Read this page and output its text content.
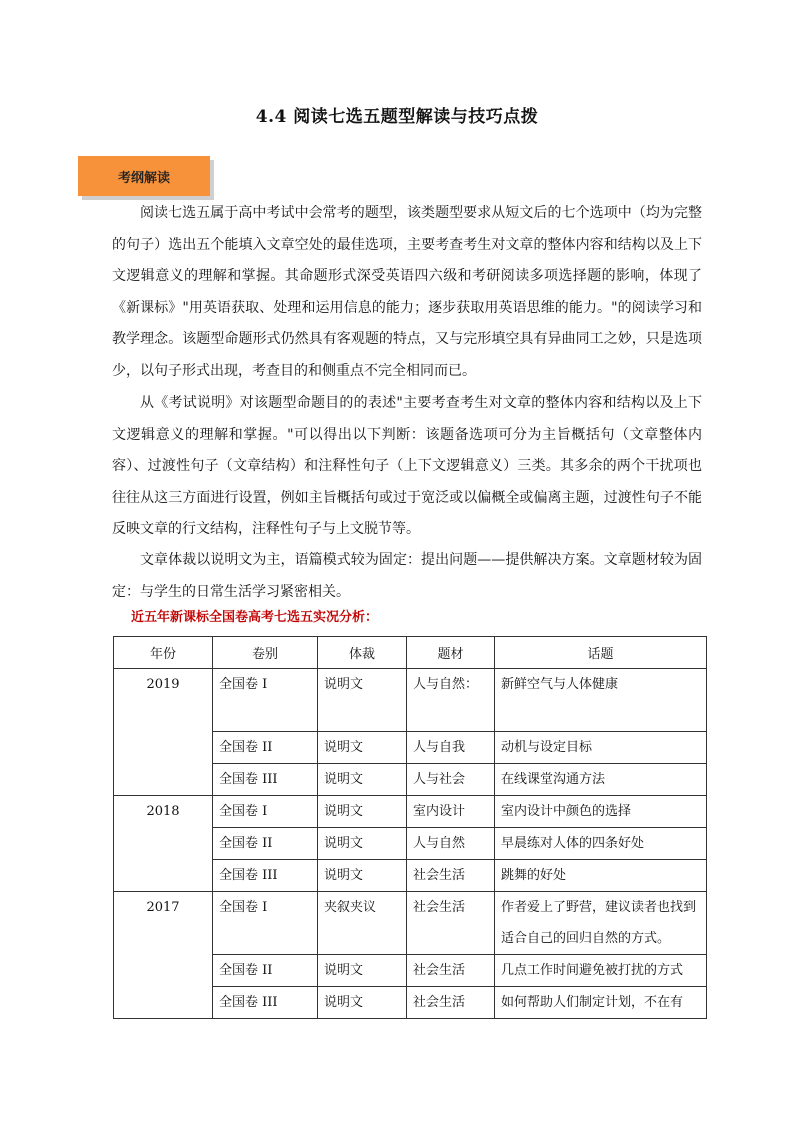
4.4 阅读七选五题型解读与技巧点拨
考纲解读

阅读七选五属于高中考试中会常考的题型，该类题型要求从短文后的七个选项中（均为完整的句子）选出五个能填入文章空处的最佳选项，主要考查考生对文章的整体内容和结构以及上下文逻辑意义的理解和掌握。其命题形式深受英语四六级和考研阅读多项选择题的影响，体现了《新课标》"用英语获取、处理和运用信息的能力；逐步获取用英语思维的能力。"的阅读学习和教学理念。该题型命题形式仍然具有客观题的特点，又与完形填空具有异曲同工之妙，只是选项少，以句子形式出现，考查目的和侧重点不完全相同而已。

从《考试说明》对该题型命题目的的表述"主要考查考生对文章的整体内容和结构以及上下文逻辑意义的理解和掌握。"可以得出以下判断：该题备选项可分为主旨概括句（文章整体内容）、过渡性句子（文章结构）和注释性句子（上下文逻辑意义）三类。其多余的两个干扰项也往往从这三方面进行设置，例如主旨概括句或过于宽泛或以偏概全或偏离主题，过渡性句子不能反映文章的行文结构，注释性句子与上文脱节等。

文章体裁以说明文为主，语篇模式较为固定：提出问题——提供解决方案。文章题材较为固定：与学生的日常生活学习紧密相关。

近五年新课标全国卷高考七选五实况分析：
年份	卷别	体裁	题材	话题
2019	全国卷 I	说明文	人与自然：	新鲜空气与人体健康
	全国卷 II	说明文	人与自我	动机与设定目标
	全国卷 III	说明文	人与社会	在线课堂沟通方法
2018	全国卷 I	说明文	室内设计	室内设计中颜色的选择
	全国卷 II	说明文	人与自然	早晨练对人体的四条好处
	全国卷 III	说明文	社会生活	跳舞的好处
2017	全国卷 I	夹叙夹议	社会生活	作者爱上了野营，建议读者也找到适合自己的回归自然的方式。
	全国卷 II	说明文	社会生活	几点工作时间避免被打扰的方式
	全国卷 III	说明文	社会生活	如何帮助人们制定计划，不在有
